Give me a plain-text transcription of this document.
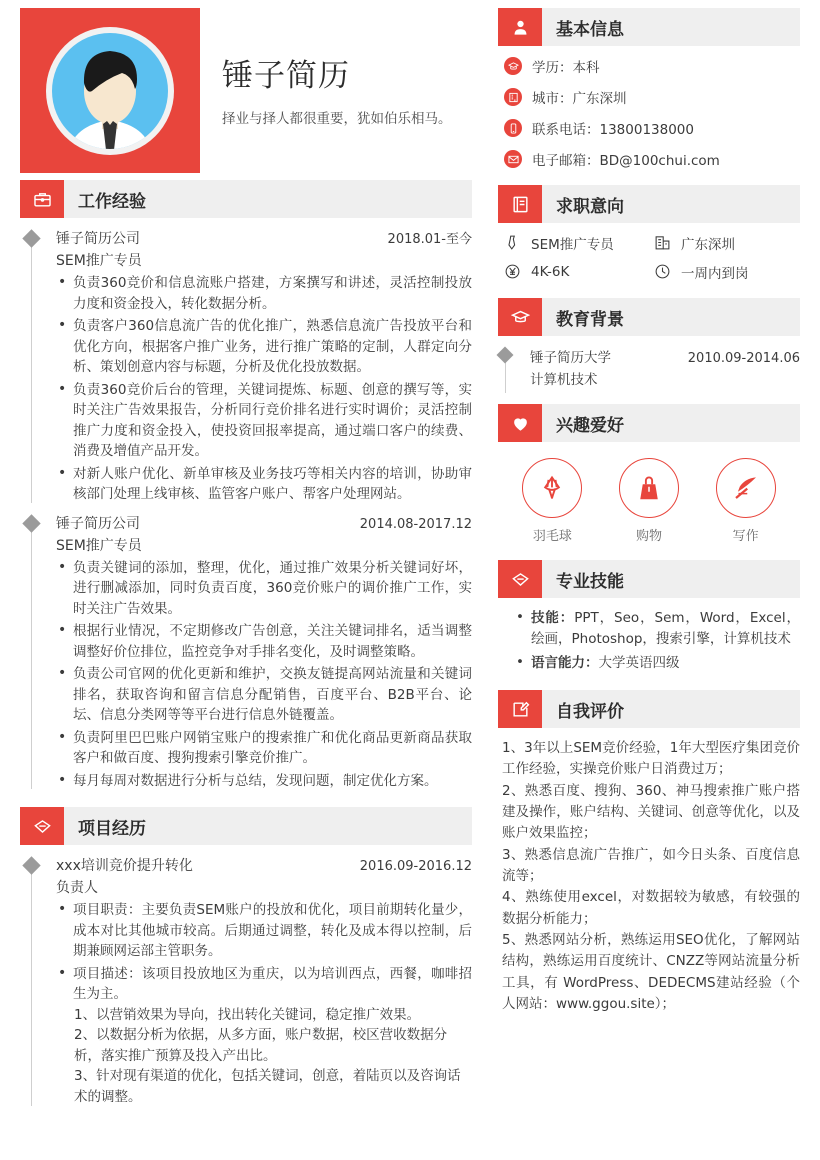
锤子简历
择业与择人都很重要，犹如伯乐相马。
工作经验
锤子简历公司	2018.01-至今
SEM推广专员
• 负责360竞价和信息流账户搭建，方案撰写和讲述，灵活控制投放力度和资金投入，转化数据分析。
• 负责客户360信息流广告的优化推广，熟悉信息流广告投放平台和优化方向，根据客户推广业务，进行推广策略的定制，人群定向分析、策划创意内容与标题，分析及优化投放数据。
• 负责360竞价后台的管理，关键词提炼、标题、创意的撰写等，实时关注广告效果报告，分析同行竞价排名进行实时调价；灵活控制推广力度和资金投入，使投资回报率提高，通过端口客户的续费、消费及增值产品开发。
• 对新人账户优化、新单审核及业务技巧等相关内容的培训，协助审核部门处理上线审核、监管客户账户、帮客户处理网站。
锤子简历公司	2014.08-2017.12
SEM推广专员
• 负责关键词的添加，整理，优化，通过推广效果分析关键词好坏，进行删减添加，同时负责百度，360竞价账户的调价推广工作，实时关注广告效果。
• 根据行业情况，不定期修改广告创意，关注关键词排名，适当调整调整好价位排位，监控竞争对手排名变化，及时调整策略。
• 负责公司官网的优化更新和维护，交换友链提高网站流量和关键词排名，获取咨询和留言信息分配销售，百度平台、B2B平台、论坛、信息分类网等等平台进行信息外链覆盖。
• 负责阿里巴巴账户网销宝账户的搜索推广和优化商品更新商品获取客户和做百度、搜狗搜索引擎竞价推广。
• 每月每周对数据进行分析与总结，发现问题，制定优化方案。
项目经历
xxx培训竞价提升转化	2016.09-2016.12
负责人
• 项目职责：主要负责SEM账户的投放和优化，项目前期转化量少，成本对比其他城市较高。后期通过调整，转化及成本得以控制，后期兼顾网运部主管职务。
• 项目描述：该项目投放地区为重庆，以为培训西点，西餐，咖啡招生为主。
1、以营销效果为导向，找出转化关键词，稳定推广效果。
2、以数据分析为依据，从多方面，账户数据，校区营收数据分析，落实推广预算及投入产出比。
3、针对现有渠道的优化，包括关键词，创意，着陆页以及咨询话术的调整。
基本信息
学历：本科
城市：广东深圳
联系电话：13800138000
电子邮箱：BD@100chui.com
求职意向
SEM推广专员	广东深圳
4K-6K	一周内到岗
教育背景
锤子简历大学	2010.09-2014.06
计算机技术
兴趣爱好
羽毛球	购物	写作
专业技能
• 技能：PPT，Seo，Sem，Word，Excel，绘画，Photoshop，搜索引擎，计算机技术
• 语言能力：大学英语四级
自我评价

1、3年以上SEM竞价经验，1年大型医疗集团竞价工作经验，实操竞价账户日消费过万；

2、熟悉百度、搜狗、360、神马搜索推广账户搭建及操作，账户结构、关键词、创意等优化，以及账户效果监控；

3、熟悉信息流广告推广，如今日头条、百度信息流等；

4、熟练使用excel，对数据较为敏感，有较强的数据分析能力；

5、熟悉网站分析，熟练运用SEO优化，了解网站结构，熟练运用百度统计、CNZZ等网站流量分析工具，有 WordPress、DEDECMS建站经验（个人网站：www.ggou.site）；
